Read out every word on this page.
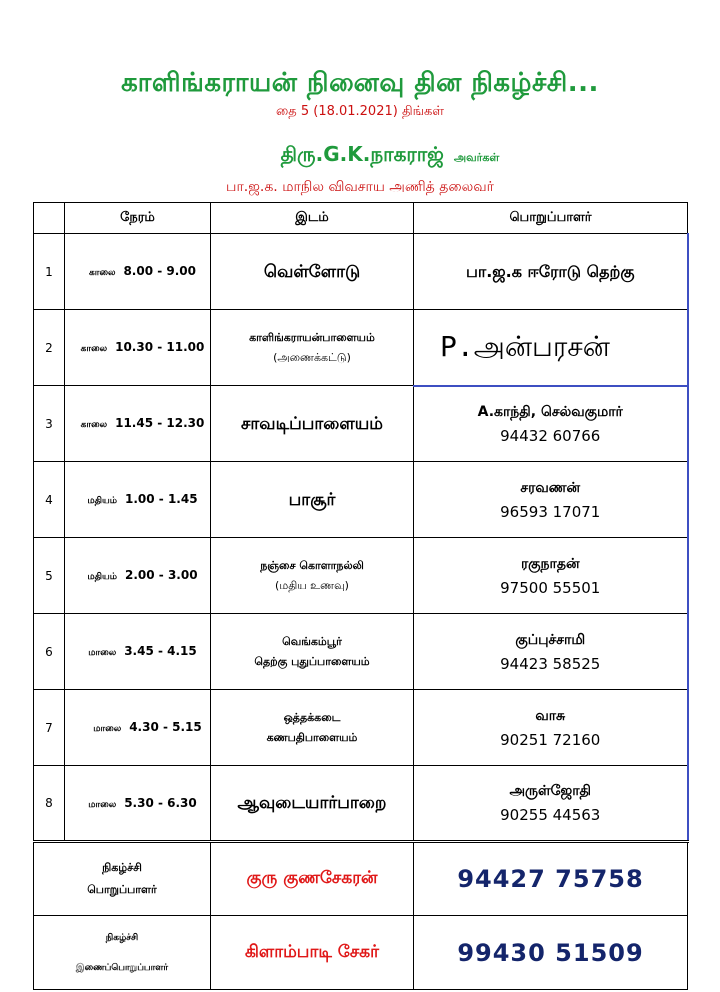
காளிங்கராயன் நினைவு தின நிகழ்ச்சி...
தை 5 (18.01.2021) திங்கள்
திரு.G.K.நாகராஜ் அவர்கள்
பா.ஜ.க. மாநில விவசாய அணித் தலைவர்
	நேரம்	இடம்	பொறுப்பாளர்
1	காலை 8.00 - 9.00	வெள்ளோடு	பா.ஜ.க ஈரோடு தெற்கு

2	காலை 10.30 - 11.00	காளிங்கராயன்பாளையம்
(அணைக்கட்டு)	P.அன்பரசன்
3	காலை 11.45 - 12.30	சாவடிப்பாளையம்	A.காந்தி, செல்வகுமார்
94432 60766

4	மதியம் 1.00 - 1.45	பாசூர்	சரவணன்
96593 17071

5	மதியம் 2.00 - 3.00	நஞ்சை கொளாநல்லி
(மதிய உணவு)	ரகுநாதன்
97500 55501

6	மாலை 3.45 - 4.15	வெங்கம்பூர்
தெற்கு புதுப்பாளையம்	குப்புச்சாமி
94423 58525

7	மாலை 4.30 - 5.15	ஒத்தக்கடை
கணபதிபாளையம்	வாசு
90251 72160

8	மாலை 5.30 - 6.30	ஆவுடையார்பாறை	அருள்ஜோதி
90255 44563

நிகழ்ச்சி
பொறுப்பாளர்		குரு குணசேகரன்	94427 75758
நிகழ்ச்சி
இணைப்பொறுப்பாளர்		கிளாம்பாடி சேகர்	99430 51509
